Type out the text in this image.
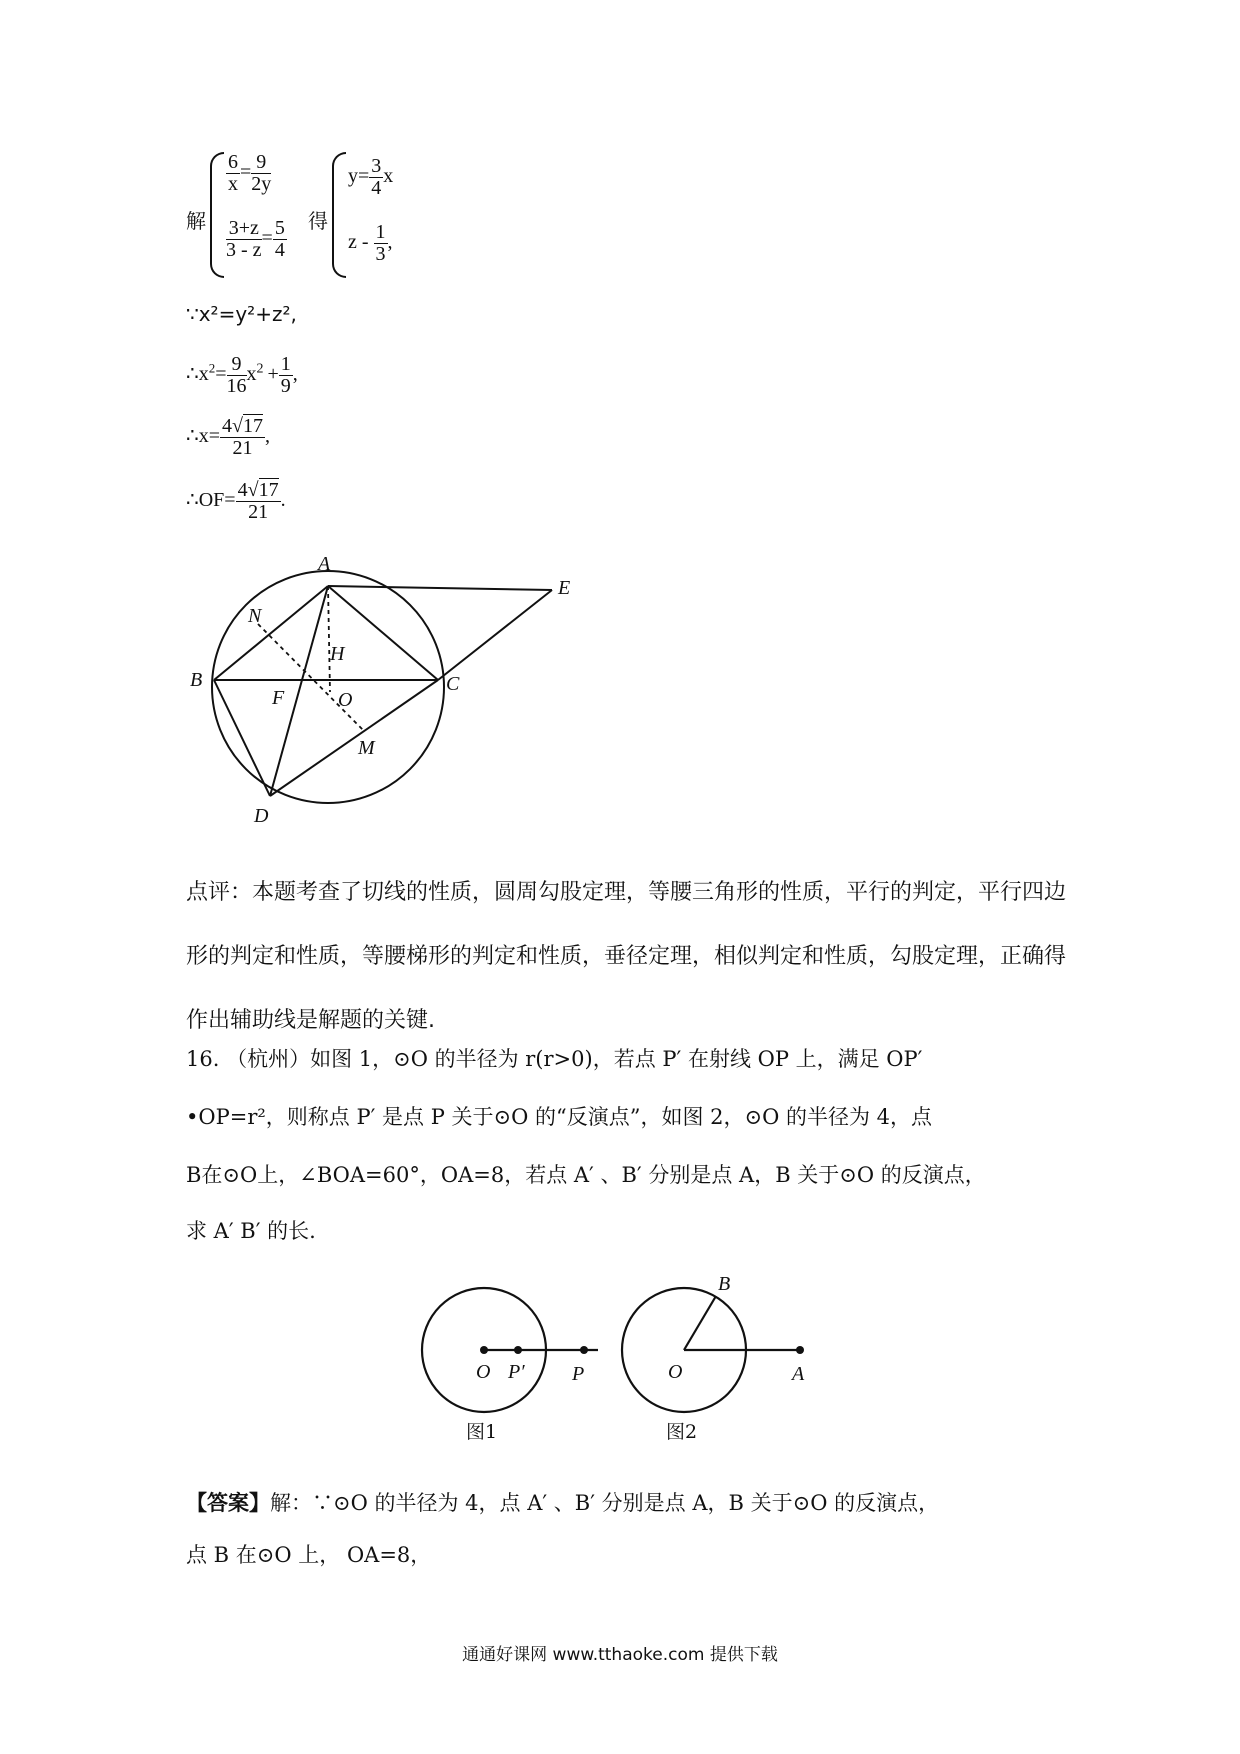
解
$\frac{6}{x} = \frac{9}{2y}$
$\frac{3+z}{3 - z} = \frac{5}{4}$ 得
$y= \frac{3}{4}$ x
z - $\frac{1}{3}$ ,
∵x²=y²+z²,
$\therefore x^2= \frac{9}{16} x^2 + \frac{1}{9}$ ,
∴x= $\frac{4√17}{21}$ ,
∴OF= $\frac{4√17}{21}$ .
A
E
N
H
B
F	O
C
M
D
点评：本题考查了切线的性质，圆周勾股定理，等腰三角形的性质，平行的判定，平行四边
形的判定和性质，等腰梯形的判定和性质，垂径定理，相似判定和性质，勾股定理，正确得
作出辅助线是解题的关键.
16. （杭州）如图 1，⊙O 的半径为 r(r>0)，若点 P′ 在射线 OP 上，满足 OP′
•OP=r²，则称点 P′ 是点 P 关于⊙O 的“反演点”，如图 2，⊙O 的半径为 4，点
B在⊙O上，∠BOA=60°，OA=8，若点 A′ 、B′ 分别是点 A，B 关于⊙O 的反演点，
求 A′ B′ 的长.
O P′ P
B
O	A
图1	图2
【答案】解：∵⊙O 的半径为 4，点 A′ 、B′ 分别是点 A，B 关于⊙O 的反演点，
点 B 在⊙O 上， OA=8，
通通好课网 www.tthaoke.com 提供下载
